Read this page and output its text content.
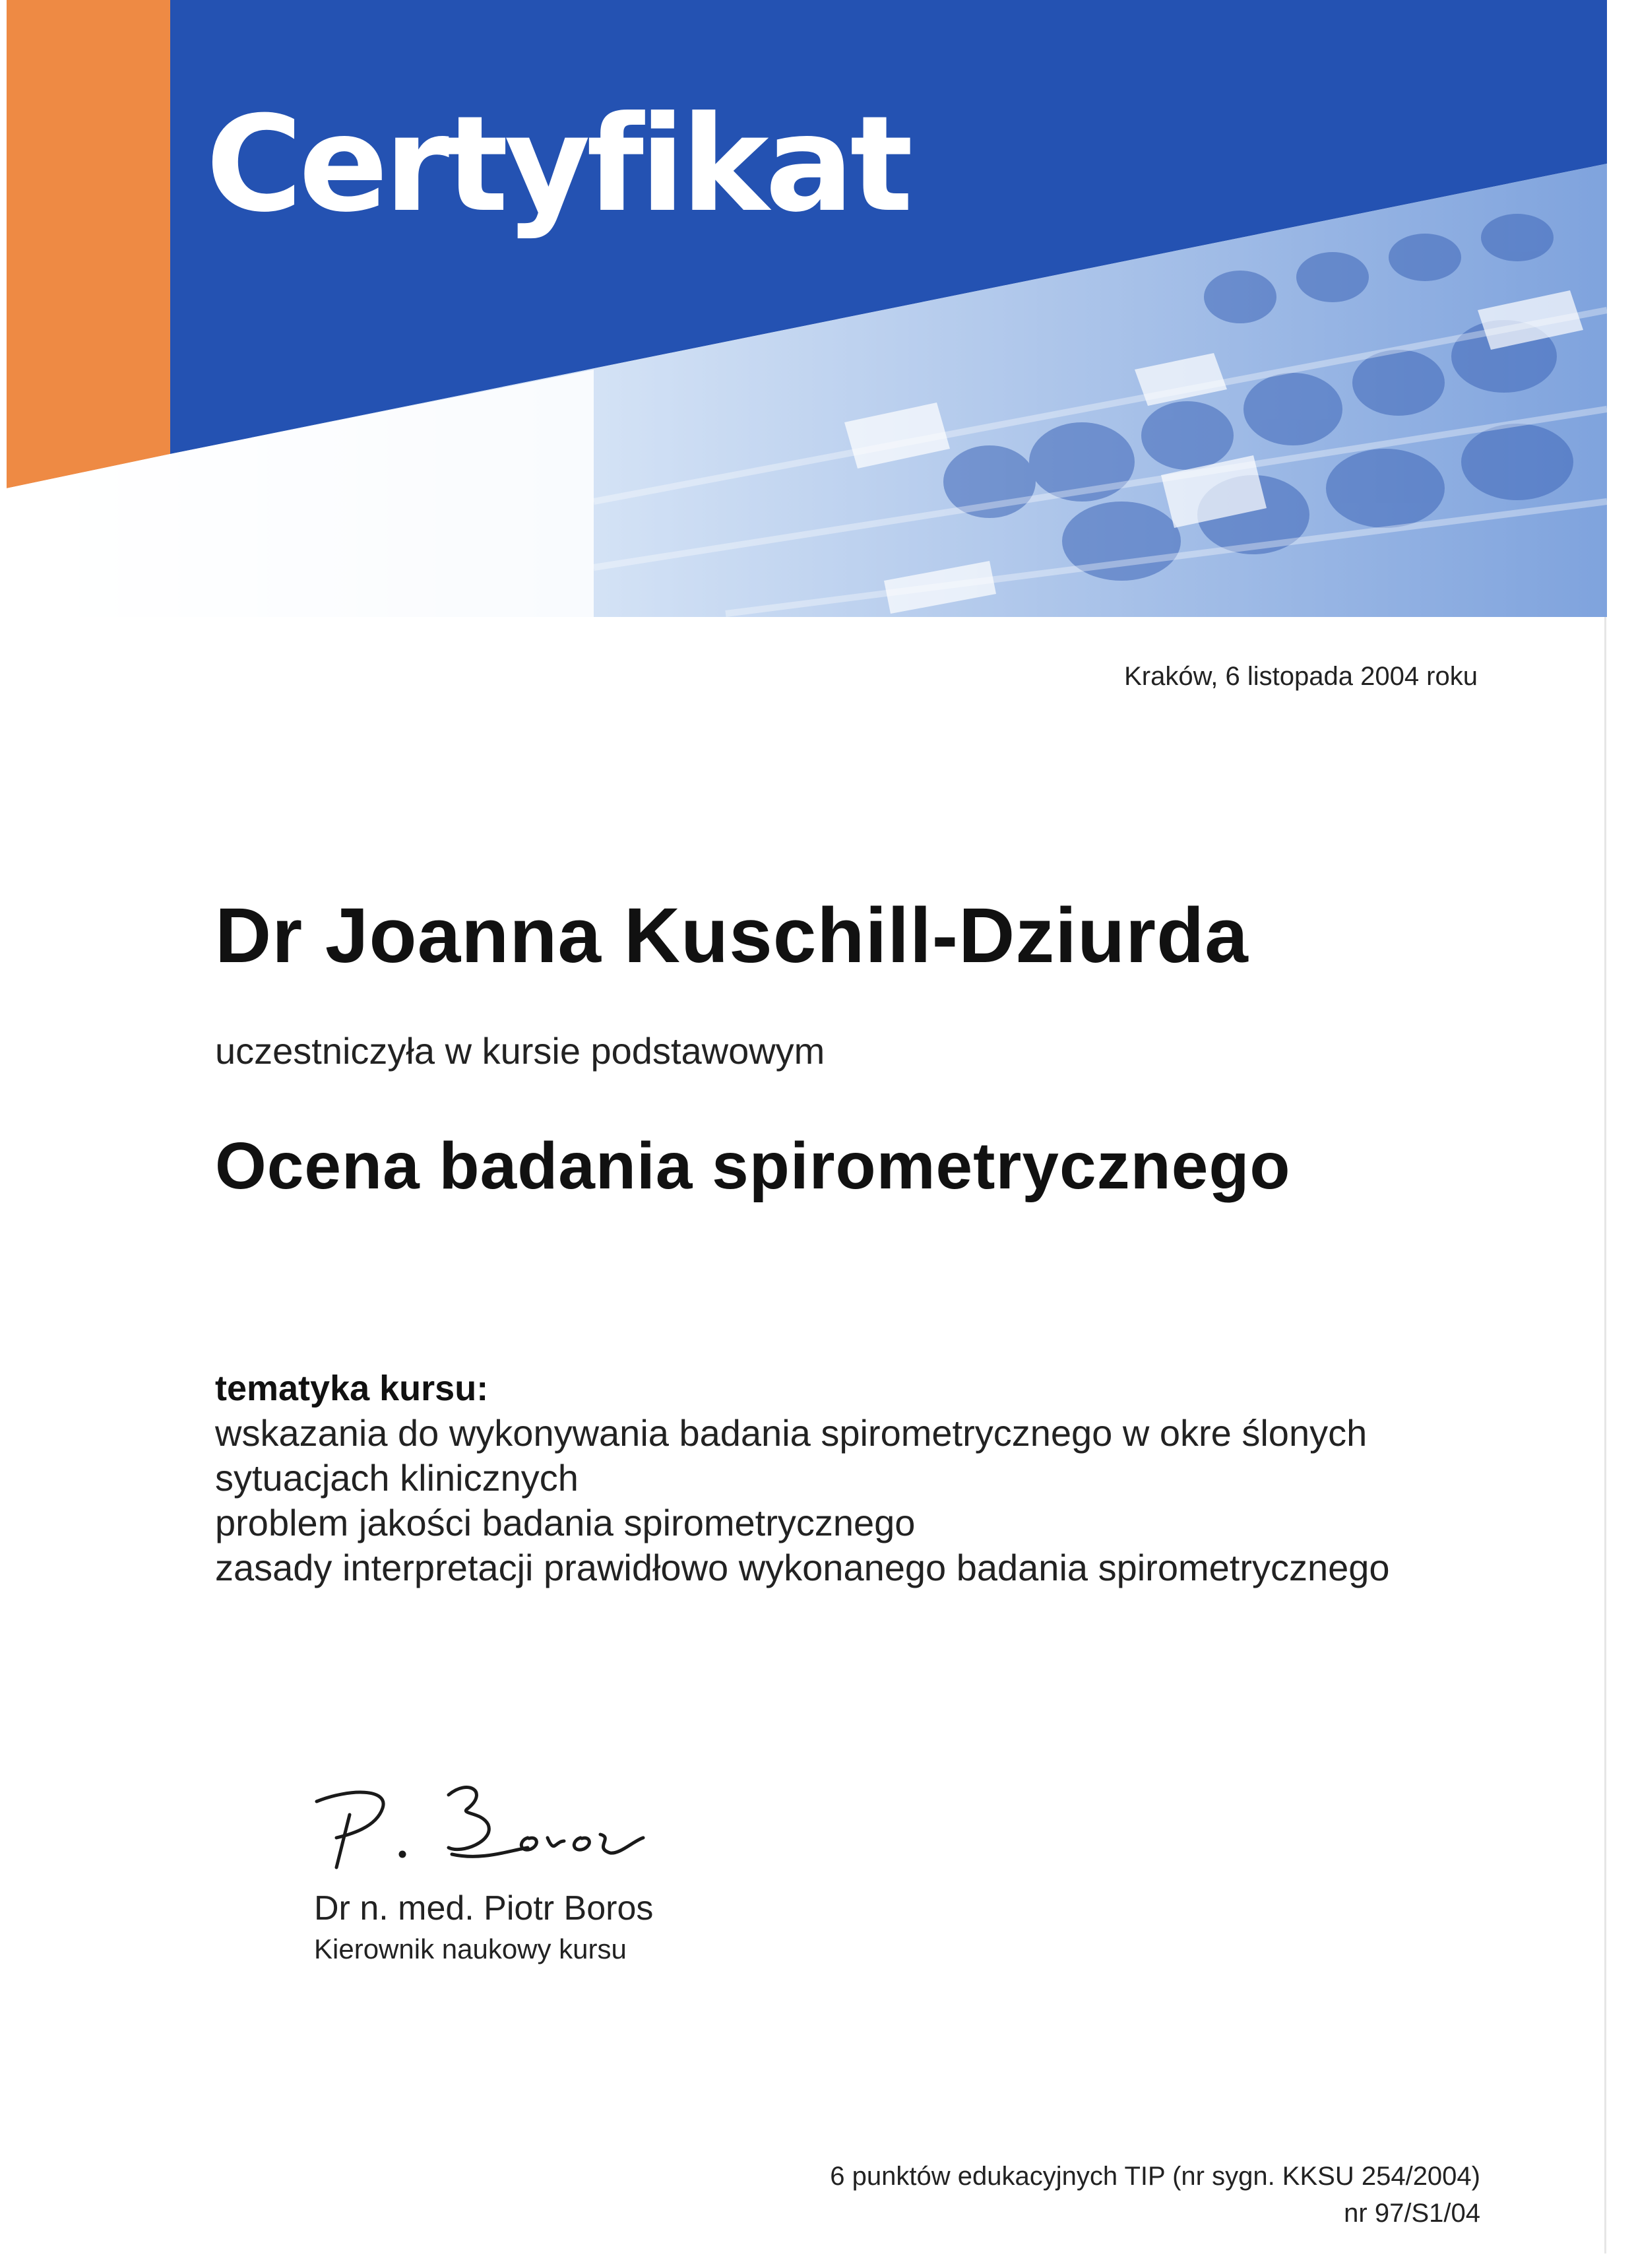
Certyfikat
Kraków, 6 listopada 2004 roku
Dr Joanna Kuschill-Dziurda
uczestniczyła w kursie podstawowym
Ocena badania spirometrycznego
tematyka kursu:
wskazania do wykonywania badania spirometrycznego w okre ślonych
sytuacjach klinicznych
problem jakości badania spirometrycznego
zasady interpretacji prawidłowo wykonanego badania spirometrycznego
Dr n. med. Piotr Boros
Kierownik naukowy kursu
6 punktów edukacyjnych TIP (nr sygn. KKSU 254/2004)
nr 97/S1/04
